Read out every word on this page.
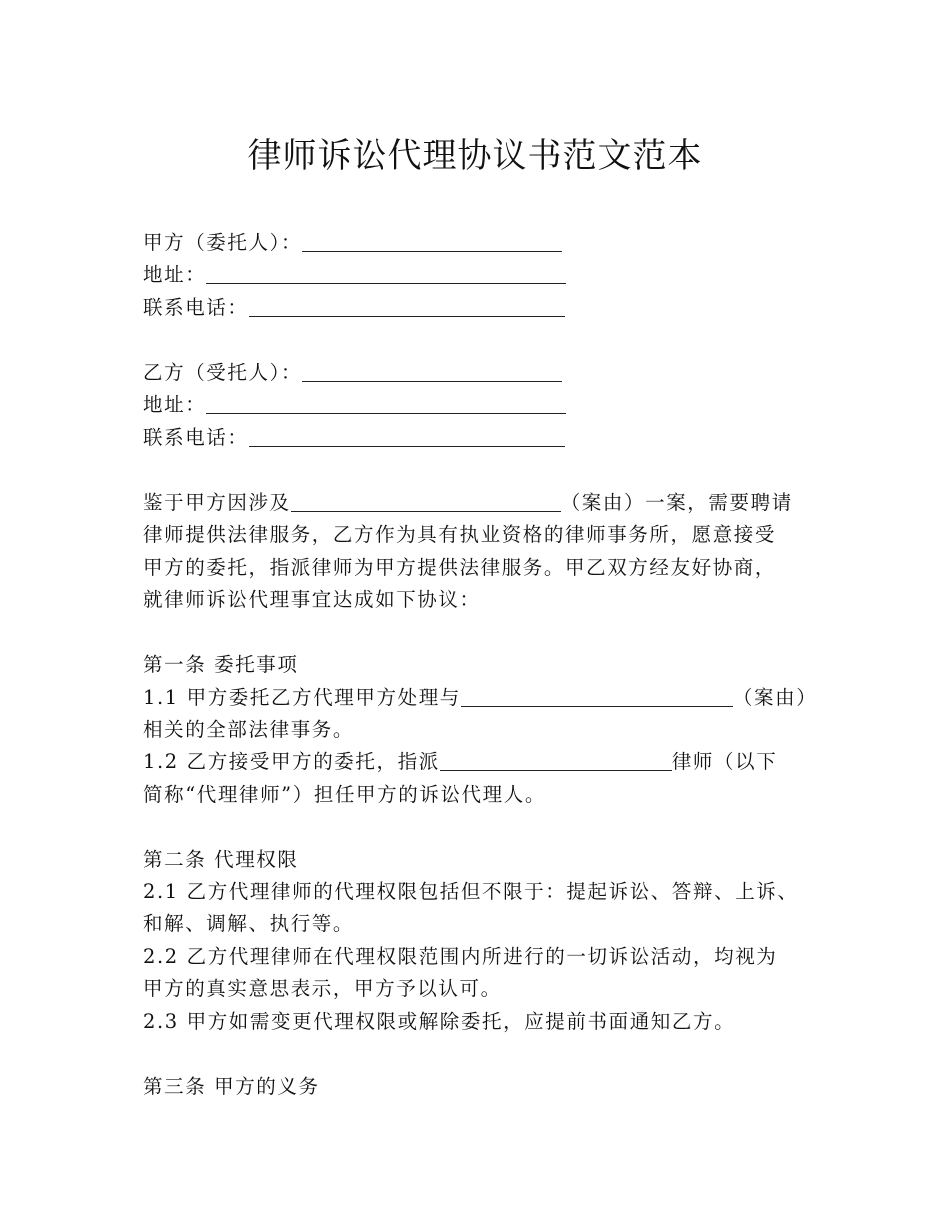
律师诉讼代理协议书范文范本
甲方（委托人）：
地址：
联系电话：
乙方（受托人）：
地址：
联系电话：
鉴于甲方因涉及	（案由）一案，需要聘请
律师提供法律服务，乙方作为具有执业资格的律师事务所，愿意接受
甲方的委托，指派律师为甲方提供法律服务。甲乙双方经友好协商，
就律师诉讼代理事宜达成如下协议：
第一条 委托事项
1.1 甲方委托乙方代理甲方处理与	（案由）
相关的全部法律事务。
1.2 乙方接受甲方的委托，指派	律师（以下
简称“代理律师”）担任甲方的诉讼代理人。
第二条 代理权限
2.1 乙方代理律师的代理权限包括但不限于：提起诉讼、答辩、上诉、
和解、调解、执行等。
2.2 乙方代理律师在代理权限范围内所进行的一切诉讼活动，均视为
甲方的真实意思表示，甲方予以认可。
2.3 甲方如需变更代理权限或解除委托，应提前书面通知乙方。
第三条 甲方的义务
